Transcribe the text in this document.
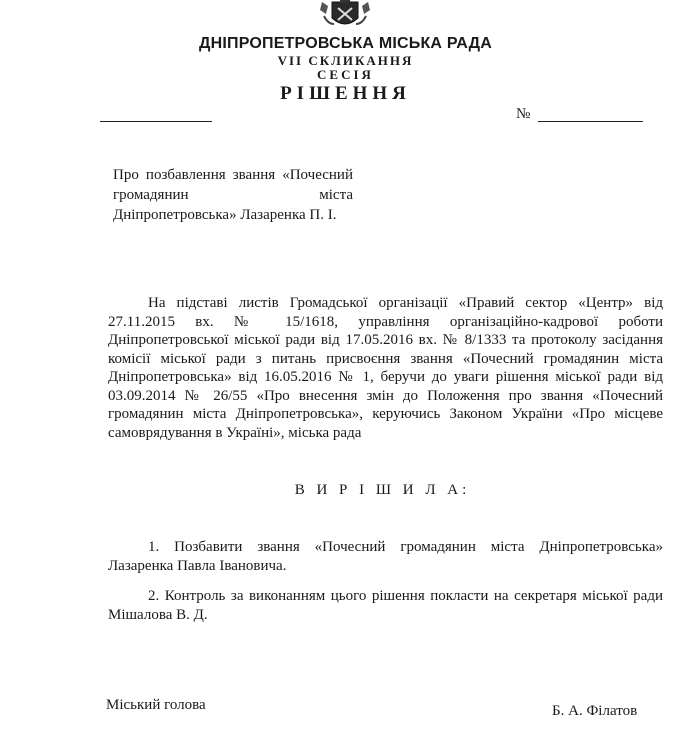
ДНІПРОПЕТРОВСЬКА МІСЬКА РАДА
VII СКЛИКАННЯ
СЕСІЯ
РІШЕННЯ
№
Про позбавлення звання «Почесний громадянин міста Дніпропетровська» Лазаренка П. І.
На підставі листів Громадської організації «Правий сектор «Центр» від 27.11.2015 вх. № 15/1618, управління організаційно-кадрової роботи Дніпропетровської міської ради від 17.05.2016 вх. № 8/1333 та протоколу засідання комісії міської ради з питань присвоєння звання «Почесний громадянин міста Дніпропетровська» від 16.05.2016 № 1, беручи до уваги рішення міської ради від 03.09.2014 № 26/55 «Про внесення змін до Положення про звання «Почесний громадянин міста Дніпропетровська», керуючись Законом України «Про місцеве самоврядування в Україні», міська рада
В И Р І Ш И Л А:
1. Позбавити звання «Почесний громадянин міста Дніпропетровська» Лазаренка Павла Івановича.
2. Контроль за виконанням цього рішення покласти на секретаря міської ради Мішалова В. Д.
Міський голова	Б. А. Філатов
